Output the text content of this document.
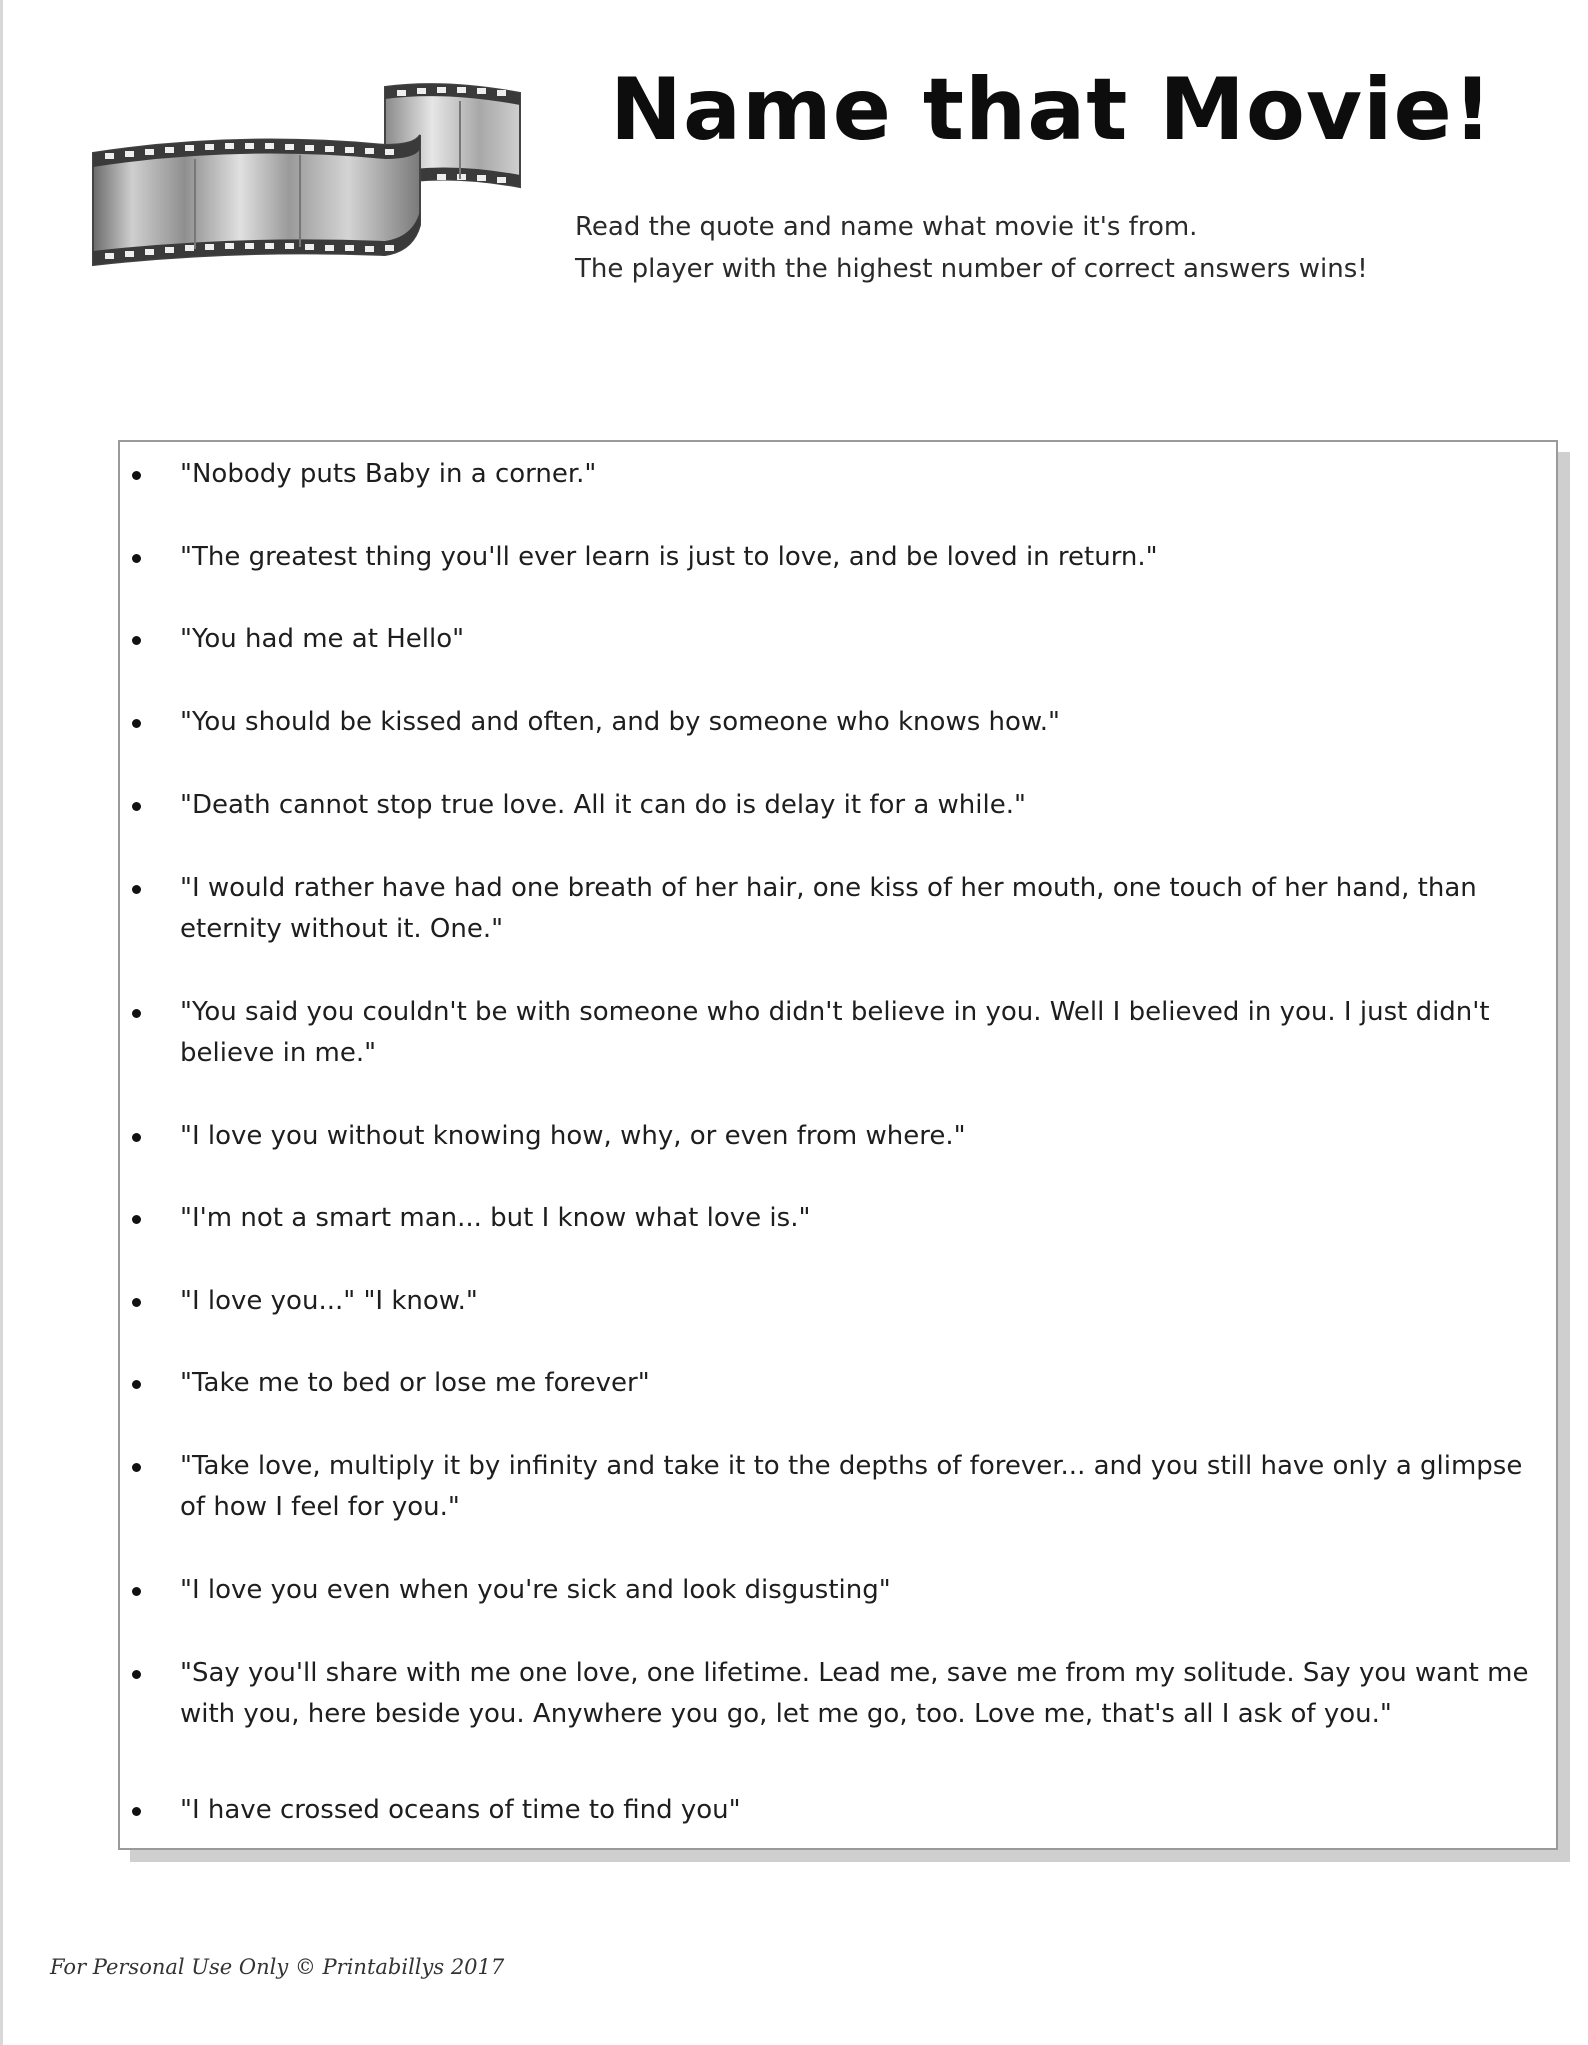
Name that Movie!
Read the quote and name what movie it's from.
The player with the highest number of correct answers wins!
"Nobody puts Baby in a corner."
"The greatest thing you'll ever learn is just to love, and be loved in return."
"You had me at Hello"
"You should be kissed and often, and by someone who knows how."
"Death cannot stop true love. All it can do is delay it for a while."
"I would rather have had one breath of her hair, one kiss of her mouth, one touch of her hand, than eternity without it. One."
"You said you couldn't be with someone who didn't believe in you. Well I believed in you. I just didn't believe in me."
"I love you without knowing how, why, or even from where."
"I'm not a smart man... but I know what love is."
"I love you..." "I know."
"Take me to bed or lose me forever"
"Take love, multiply it by infinity and take it to the depths of forever... and you still have only a glimpse of how I feel for you."
"I love you even when you're sick and look disgusting"
"Say you'll share with me one love, one lifetime. Lead me, save me from my solitude. Say you want me with you, here beside you. Anywhere you go, let me go, too. Love me, that's all I ask of you."
"I have crossed oceans of time to find you"
For Personal Use Only © Printabillys 2017
